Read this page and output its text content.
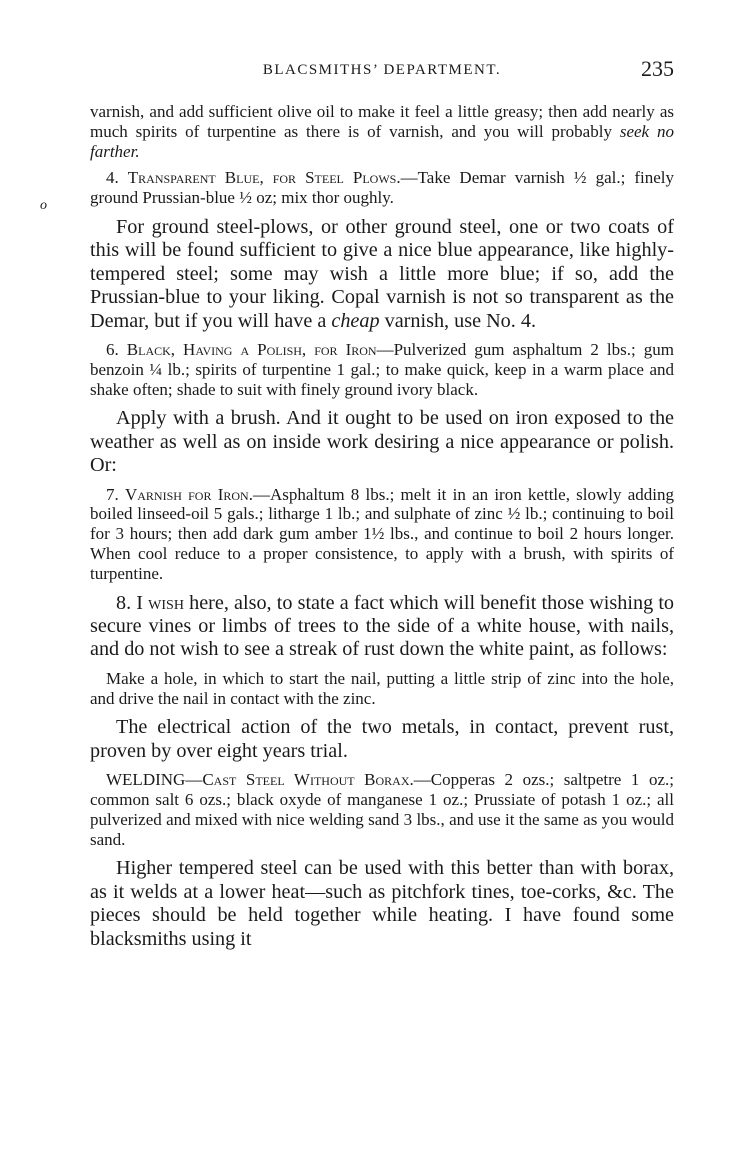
BLACSMITHS’ DEPARTMENT.	235
o

varnish, and add sufficient olive oil to make it feel a little greasy; then add nearly as much spirits of turpentine as there is of varnish, and you will probably seek no farther.

4. Transparent Blue, for Steel Plows.—Take Demar varnish ½ gal.; finely ground Prussian-blue ½ oz; mix thor oughly.

For ground steel-plows, or other ground steel, one or two coats of this will be found sufficient to give a nice blue appearance, like highly-tempered steel; some may wish a little more blue; if so, add the Prussian-blue to your liking. Copal varnish is not so transparent as the Demar, but if you will have a cheap varnish, use No. 4.

6. Black, Having a Polish, for Iron—Pulverized gum asphaltum 2 lbs.; gum benzoin ¼ lb.; spirits of turpentine 1 gal.; to make quick, keep in a warm place and shake often; shade to suit with finely ground ivory black.

Apply with a brush. And it ought to be used on iron exposed to the weather as well as on inside work desiring a nice appearance or polish. Or:

7. Varnish for Iron.—Asphaltum 8 lbs.; melt it in an iron kettle, slowly adding boiled linseed-oil 5 gals.; litharge 1 lb.; and sulphate of zinc ½ lb.; continuing to boil for 3 hours; then add dark gum amber 1½ lbs., and continue to boil 2 hours longer. When cool reduce to a proper consistence, to apply with a brush, with spirits of turpentine.

8. I wish here, also, to state a fact which will benefit those wishing to secure vines or limbs of trees to the side of a white house, with nails, and do not wish to see a streak of rust down the white paint, as follows:

Make a hole, in which to start the nail, putting a little strip of zinc into the hole, and drive the nail in contact with the zinc.

The electrical action of the two metals, in contact, prevent rust, proven by over eight years trial.

WELDING—Cast Steel Without Borax.—Copperas 2 ozs.; saltpetre 1 oz.; common salt 6 ozs.; black oxyde of manganese 1 oz.; Prussiate of potash 1 oz.; all pulverized and mixed with nice welding sand 3 lbs., and use it the same as you would sand.

Higher tempered steel can be used with this better than with borax, as it welds at a lower heat—such as pitchfork tines, toe-corks, &c. The pieces should be held together while heating. I have found some blacksmiths using it
